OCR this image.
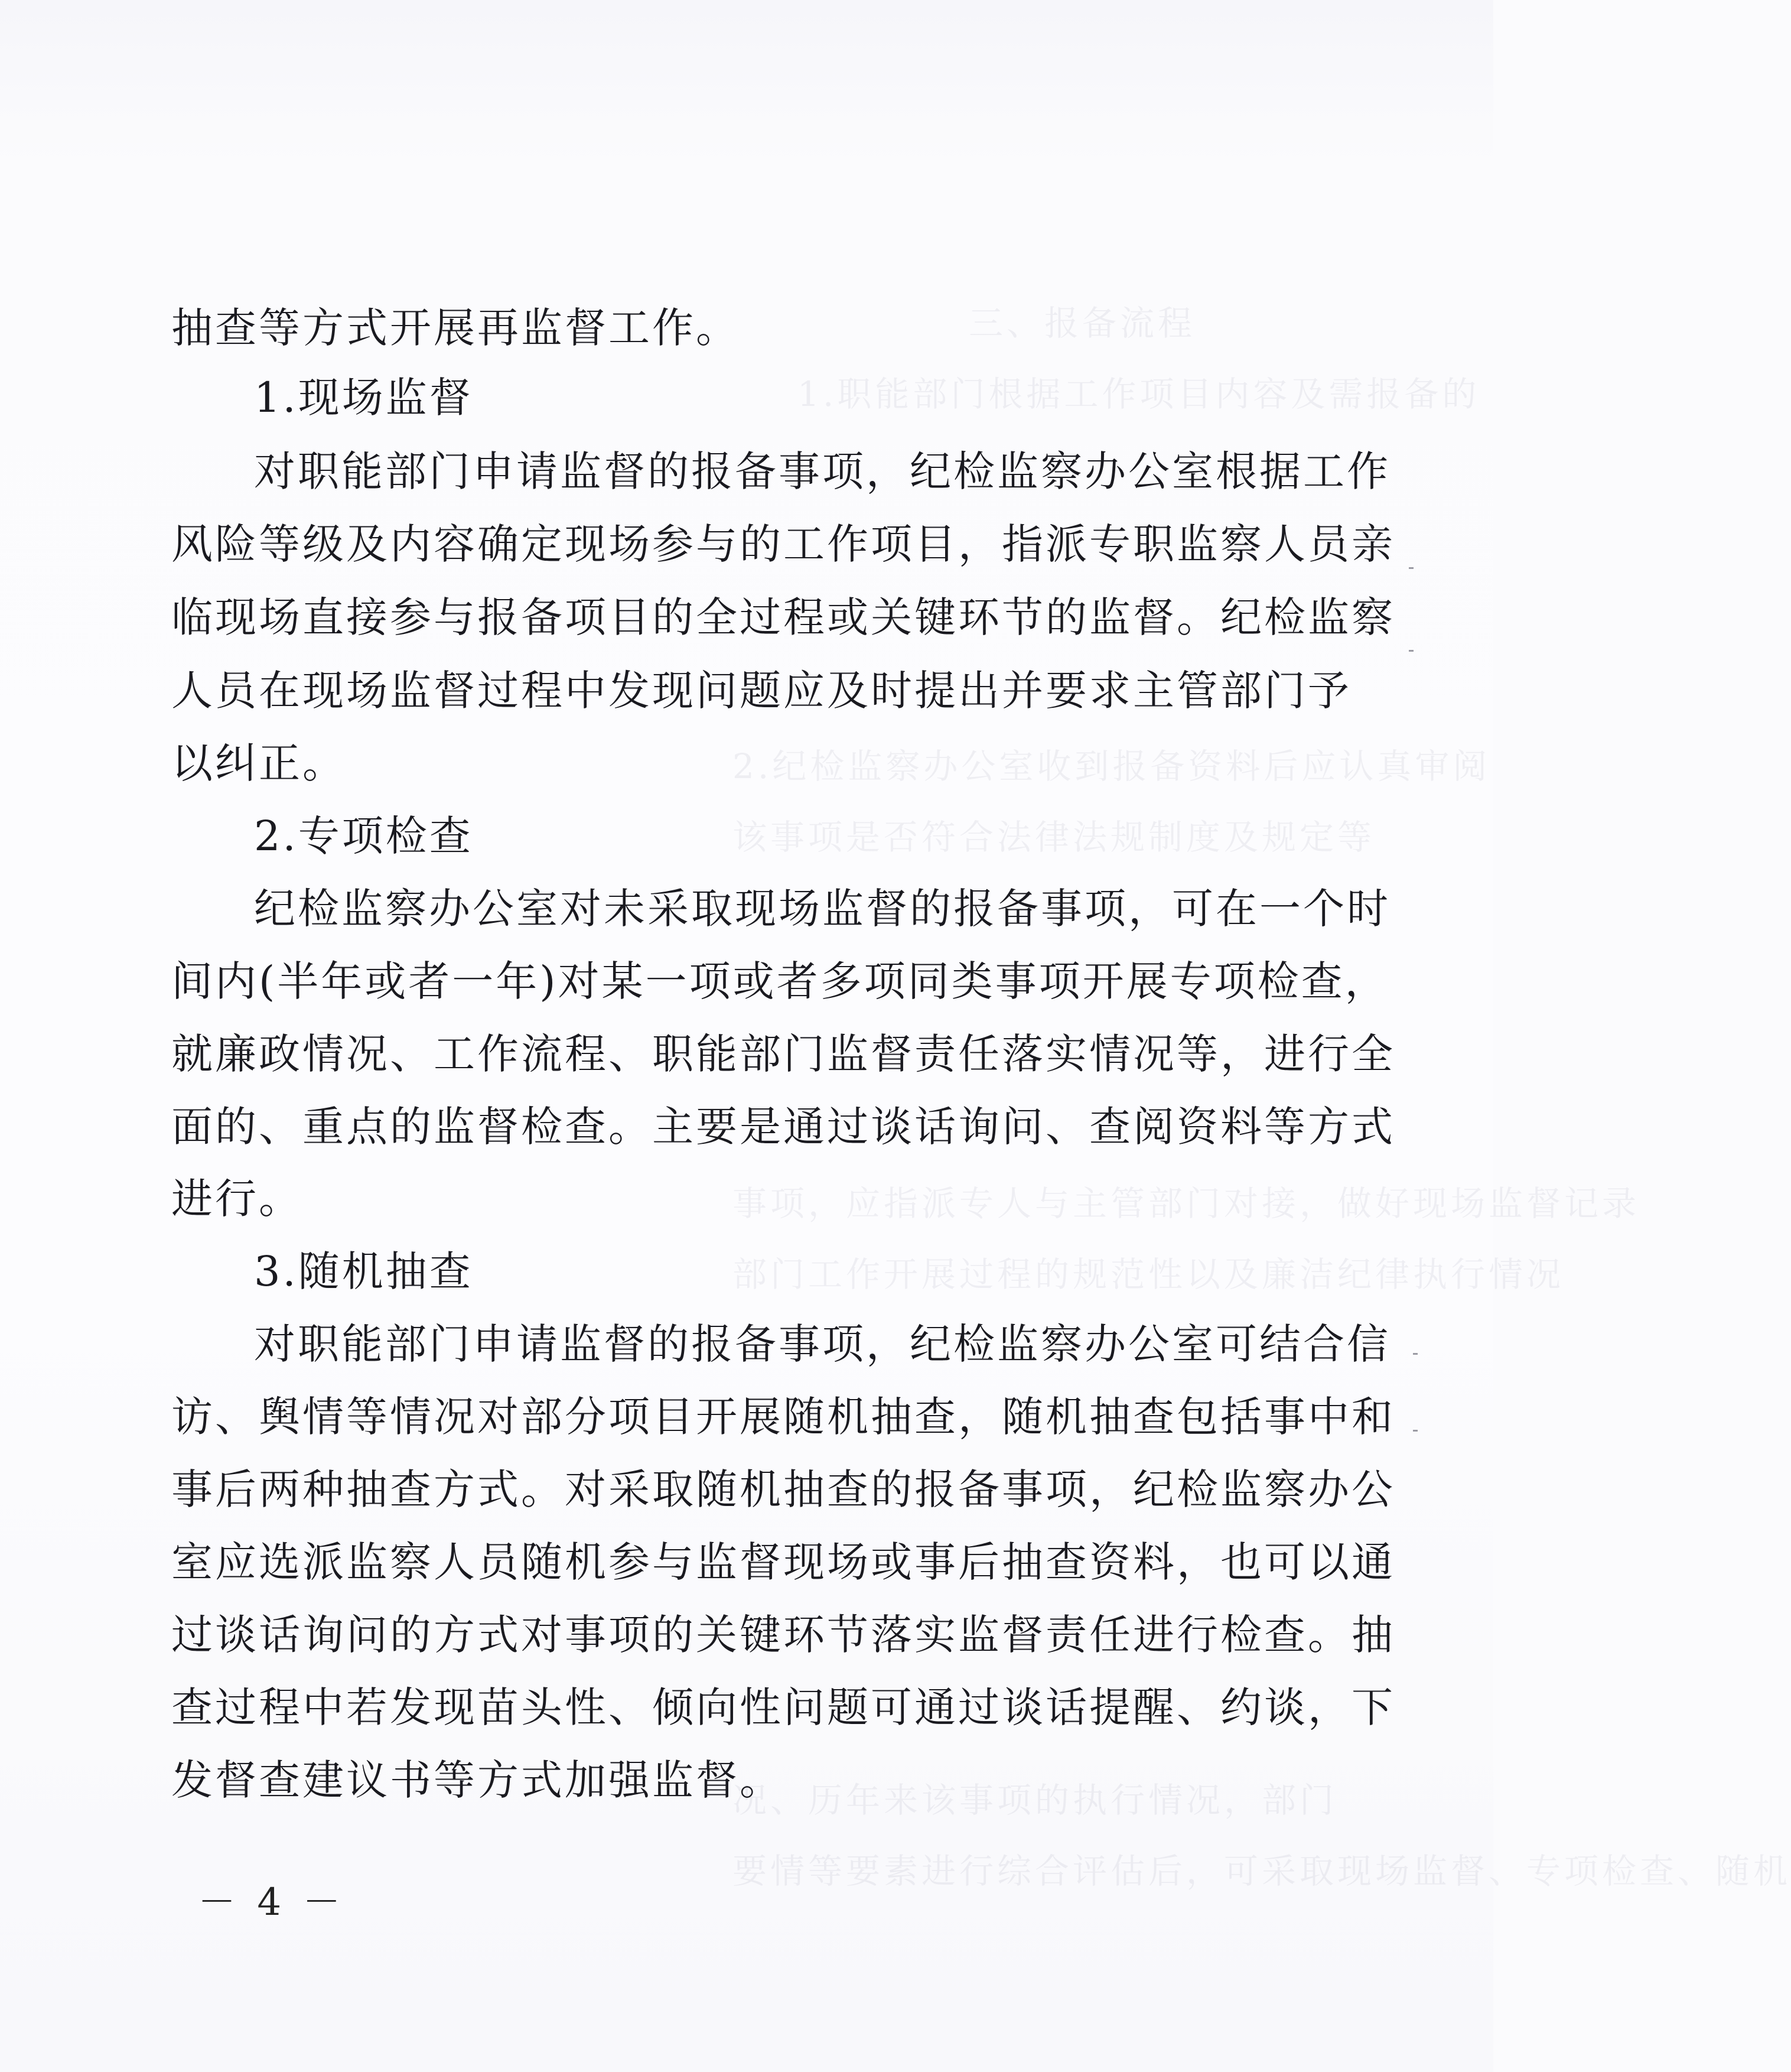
三、报备流程
1.职能部门根据工作项目内容及需报备的
2.纪检监察办公室收到报备资料后应认真审阅
该事项是否符合法律法规制度及规定等
事项，应指派专人与主管部门对接，做好现场监督记录
部门工作开展过程的规范性以及廉洁纪律执行情况
况、历年来该事项的执行情况，部门
要情等要素进行综合评估后，可采取现场监督、专项检查、随机
抽查等方式开展再监督工作。
1.现场监督
对职能部门申请监督的报备事项，纪检监察办公室根据工作
风险等级及内容确定现场参与的工作项目，指派专职监察人员亲
临现场直接参与报备项目的全过程或关键环节的监督。纪检监察
人员在现场监督过程中发现问题应及时提出并要求主管部门予
以纠正。
2.专项检查
纪检监察办公室对未采取现场监督的报备事项，可在一个时
间内(半年或者一年)对某一项或者多项同类事项开展专项检查，
就廉政情况、工作流程、职能部门监督责任落实情况等，进行全
面的、重点的监督检查。主要是通过谈话询问、查阅资料等方式
进行。
3.随机抽查
对职能部门申请监督的报备事项，纪检监察办公室可结合信
访、舆情等情况对部分项目开展随机抽查，随机抽查包括事中和
事后两种抽查方式。对采取随机抽查的报备事项，纪检监察办公
室应选派监察人员随机参与监督现场或事后抽查资料，也可以通
过谈话询问的方式对事项的关键环节落实监督责任进行检查。抽
查过程中若发现苗头性、倾向性问题可通过谈话提醒、约谈，下
发督查建议书等方式加强监督。
－ 4 －
